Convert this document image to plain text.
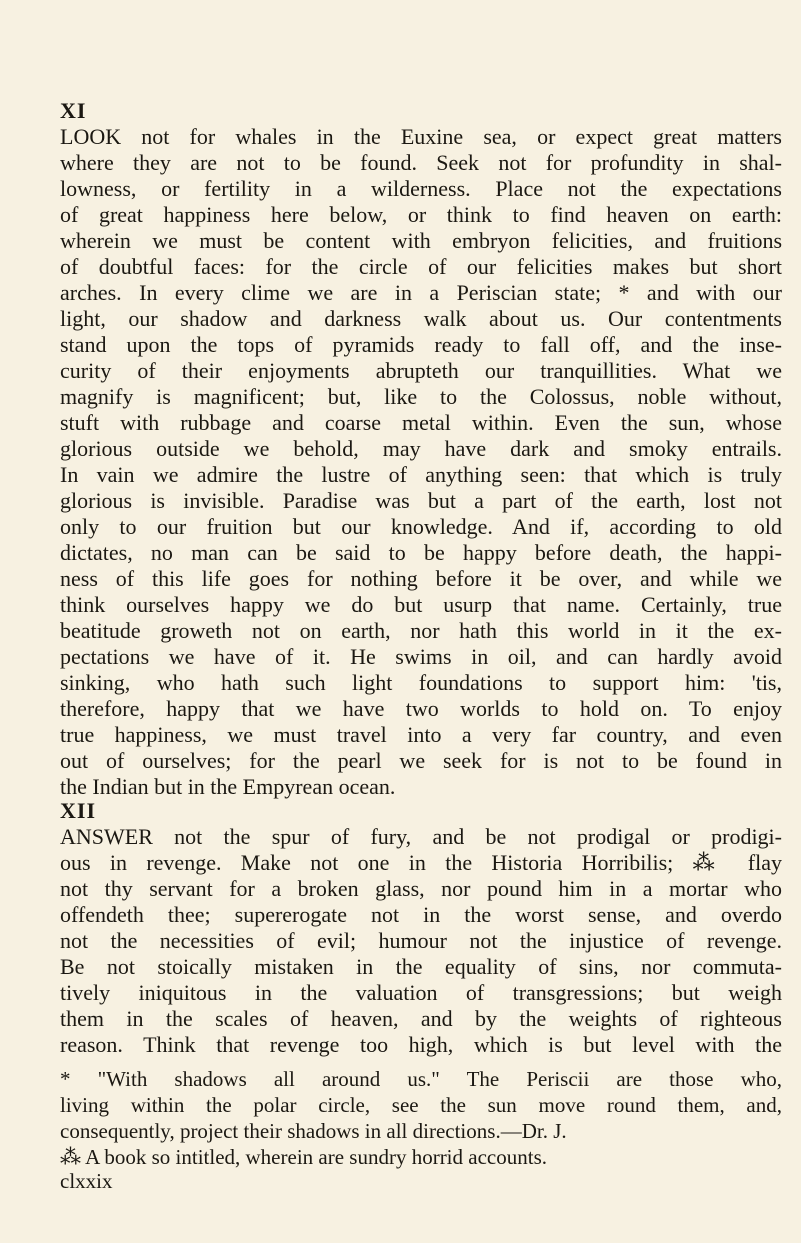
XI
LOOK not for whales in the Euxine sea, or expect great matters
where they are not to be found. Seek not for profundity in shal-
lowness, or fertility in a wilderness. Place not the expectations
of great happiness here below, or think to find heaven on earth:
wherein we must be content with embryon felicities, and fruitions
of doubtful faces: for the circle of our felicities makes but short
arches. In every clime we are in a Periscian state; * and with our
light, our shadow and darkness walk about us. Our contentments
stand upon the tops of pyramids ready to fall off, and the inse-
curity of their enjoyments abrupteth our tranquillities. What we
magnify is magnificent; but, like to the Colossus, noble without,
stuft with rubbage and coarse metal within. Even the sun, whose
glorious outside we behold, may have dark and smoky entrails.
In vain we admire the lustre of anything seen: that which is truly
glorious is invisible. Paradise was but a part of the earth, lost not
only to our fruition but our knowledge. And if, according to old
dictates, no man can be said to be happy before death, the happi-
ness of this life goes for nothing before it be over, and while we
think ourselves happy we do but usurp that name. Certainly, true
beatitude groweth not on earth, nor hath this world in it the ex-
pectations we have of it. He swims in oil, and can hardly avoid
sinking, who hath such light foundations to support him: 'tis,
therefore, happy that we have two worlds to hold on. To enjoy
true happiness, we must travel into a very far country, and even
out of ourselves; for the pearl we seek for is not to be found in
the Indian but in the Empyrean ocean.
XII
ANSWER not the spur of fury, and be not prodigal or prodigi-
ous in revenge. Make not one in the Historia Horribilis; ⁂ flay
not thy servant for a broken glass, nor pound him in a mortar who
offendeth thee; supererogate not in the worst sense, and overdo
not the necessities of evil; humour not the injustice of revenge.
Be not stoically mistaken in the equality of sins, nor commuta-
tively iniquitous in the valuation of transgressions; but weigh
them in the scales of heaven, and by the weights of righteous
reason. Think that revenge too high, which is but level with the
* "With shadows all around us." The Periscii are those who,
living within the polar circle, see the sun move round them, and,
consequently, project their shadows in all directions.—Dr. J.
⁂ A book so intitled, wherein are sundry horrid accounts.
clxxix
